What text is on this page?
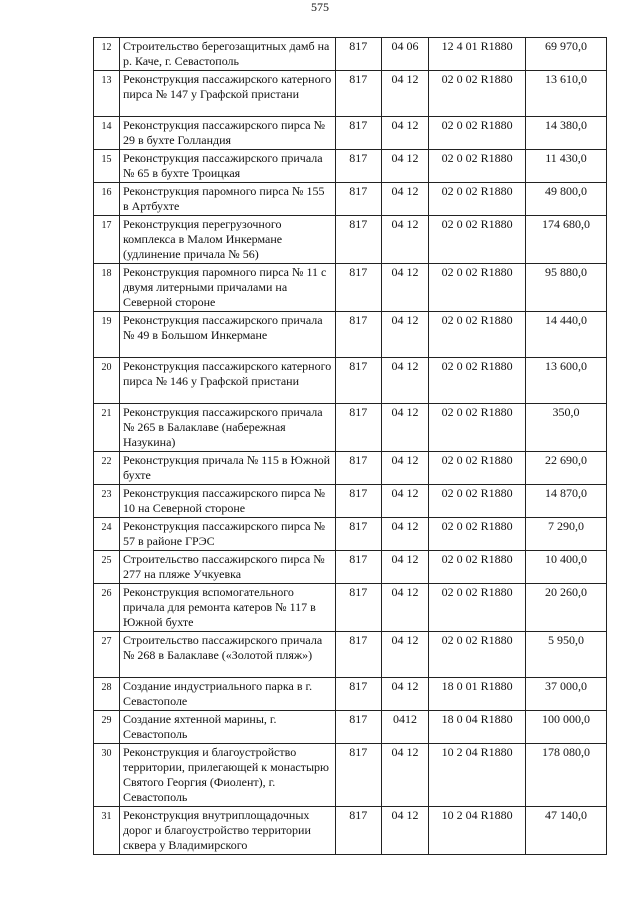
575
12	Строительство берегозащитных дамб на р. Каче, г. Севастополь	817	04 06	12 4 01 R1880	69 970,0
13	Реконструкция пассажирского катерного пирса № 147 у Графской пристани	817	04 12	02 0 02 R1880	13 610,0
14	Реконструкция пассажирского пирса № 29 в бухте Голландия	817	04 12	02 0 02 R1880	14 380,0
15	Реконструкция пассажирского причала № 65 в бухте Троицкая	817	04 12	02 0 02 R1880	11 430,0
16	Реконструкция паромного пирса № 155 в Артбухте	817	04 12	02 0 02 R1880	49 800,0
17	Реконструкция перегрузочного комплекса в Малом Инкермане (удлинение причала № 56)	817	04 12	02 0 02 R1880	174 680,0
18	Реконструкция паромного пирса № 11 с двумя литерными причалами на Северной стороне	817	04 12	02 0 02 R1880	95 880,0
19	Реконструкция пассажирского причала № 49 в Большом Инкермане	817	04 12	02 0 02 R1880	14 440,0
20	Реконструкция пассажирского катерного пирса № 146 у Графской пристани	817	04 12	02 0 02 R1880	13 600,0
21	Реконструкция пассажирского причала № 265 в Балаклаве (набережная Назукина)	817	04 12	02 0 02 R1880	350,0
22	Реконструкция причала № 115 в Южной бухте	817	04 12	02 0 02 R1880	22 690,0
23	Реконструкция пассажирского пирса № 10 на Северной стороне	817	04 12	02 0 02 R1880	14 870,0
24	Реконструкция пассажирского пирса № 57 в районе ГРЭС	817	04 12	02 0 02 R1880	7 290,0
25	Строительство пассажирского пирса № 277 на пляже Учкуевка	817	04 12	02 0 02 R1880	10 400,0
26	Реконструкция вспомогательного причала для ремонта катеров № 117 в Южной бухте	817	04 12	02 0 02 R1880	20 260,0
27	Строительство пассажирского причала № 268 в Балаклаве («Золотой пляж»)	817	04 12	02 0 02 R1880	5 950,0
28	Создание индустриального парка в г. Севастополе	817	04 12	18 0 01 R1880	37 000,0
29	Создание яхтенной марины, г. Севастополь	817	0412	18 0 04 R1880	100 000,0
30	Реконструкция и благоустройство территории, прилегающей к монастырю Святого Георгия (Фиолент), г. Севастополь	817	04 12	10 2 04 R1880	178 080,0
31	Реконструкция внутриплощадочных дорог и благоустройство территории сквера у Владимирского	817	04 12	10 2 04 R1880	47 140,0
